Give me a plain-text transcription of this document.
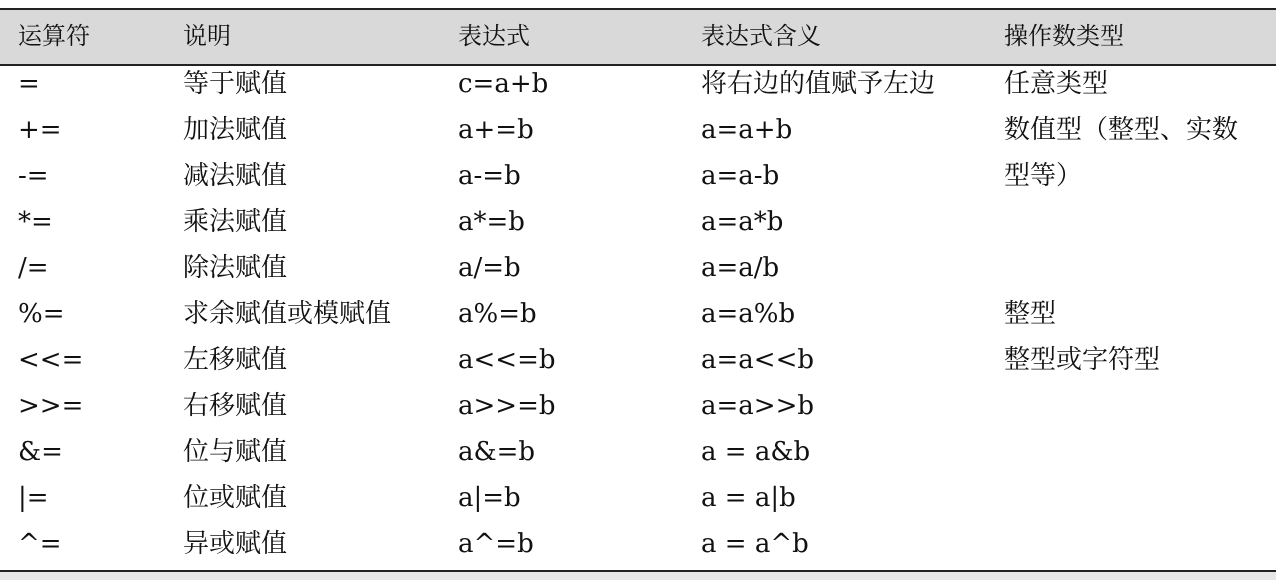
运算符	说明	表达式	表达式含义	操作数类型
=	等于赋值	c=a+b	将右边的值赋予左边	任意类型
+=	加法赋值	a+=b	a=a+b	数值型（整型、实数
型等）
-=	减法赋值	a-=b	a=a-b
*=	乘法赋值	a*=b	a=a*b
/=	除法赋值	a/=b	a=a/b
%=	求余赋值或模赋值	a%=b	a=a%b	整型
<<=	左移赋值	a<<=b	a=a<<b	整型或字符型
>>=	右移赋值	a>>=b	a=a>>b
&=	位与赋值	a&=b	a = a&b
|=	位或赋值	a|=b	a = a|b
^=	异或赋值	a^=b	a = a^b
